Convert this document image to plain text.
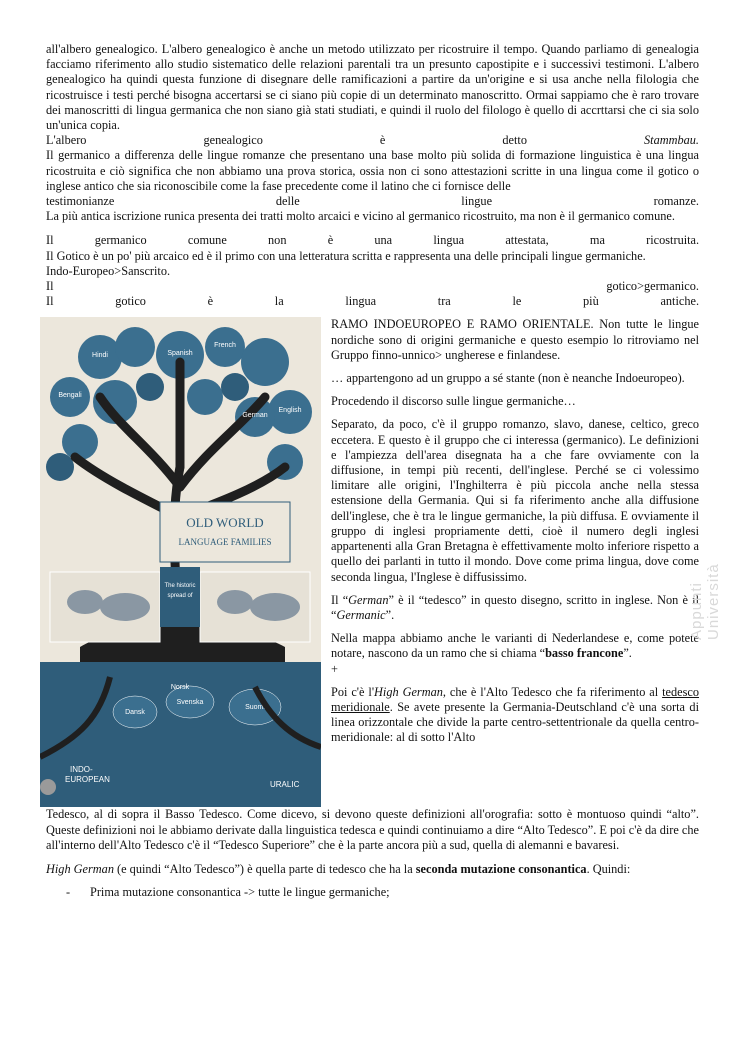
all'albero genealogico. L'albero genealogico è anche un metodo utilizzato per ricostruire il tempo. Quando parliamo di genealogia facciamo riferimento allo studio sistematico delle relazioni parentali tra un presunto capostipite e i successivi testimoni. L'albero genealogico ha quindi questa funzione di disegnare delle ramificazioni a partire da un'origine e si usa anche nella filologia che ricostruisce i testi perché bisogna accertarsi se ci siano più copie di un determinato manoscritto. Ormai sappiamo che è raro trovare dei manoscritti di lingua germanica che non siano già stati studiati, e quindi il ruolo del filologo è quello di accrttarsi che ci sia solo un'unica copia.

L'albero	genealogico	è	detto	Stammbau.

Il germanico a differenza delle lingue romanze che presentano una base molto più solida di formazione linguistica è una lingua ricostruita e ciò significa che non abbiamo una prova storica, ossia non ci sono attestazioni scritte in una lingua come il gotico o inglese antico che sia riconoscibile come la fase precedente come il latino che ci fornisce delle

testimonianze	delle	lingue	romanze.

La più antica iscrizione runica presenta dei tratti molto arcaici e vicino al germanico ricostruito, ma non è il germanico comune.

Il	germanico	comune	non	è	una	lingua	attestata,	ma	ricostruita.

Il Gotico è un po' più arcaico ed è il primo con una letteratura scritta e rappresenta una delle principali lingue germaniche.

Indo-Europeo>Sanscrito.

Il	gotico>germanico.

Il	gotico	è	la	lingua	tra	le	più	antiche.

OLD WORLD
LANGUAGE FAMILIES
Hindi	Spanish
Bengali
French
German
English
The historic
spread of
Dansk
Svenska
Norsk
Suomi
INDO-
EUROPEAN
URALIC

RAMO INDOEUROPEO E RAMO ORIENTALE. Non tutte le lingue nordiche sono di origini germaniche e questo esempio lo ritroviamo nel Gruppo finno-unnico> ungherese e finlandese.

… appartengono ad un gruppo a sé stante (non è neanche Indoeuropeo).

Procedendo il discorso sulle lingue germaniche…

Separato, da poco, c'è il gruppo romanzo, slavo, danese, celtico, greco eccetera. E questo è il gruppo che ci interessa (germanico). Le definizioni e l'ampiezza dell'area disegnata ha a che fare ovviamente con la diffusione, in tempi più recenti, dell'inglese. Perché se ci volessimo limitare alle origini, l'Inghilterra è più piccola anche nella stessa estensione della Germania. Qui si fa riferimento anche alla diffusione dell'inglese, che è tra le lingue germaniche, la più diffusa. E ovviamente il gruppo di inglesi propriamente detti, cioè il numero degli inglesi appartenenti alla Gran Bretagna è effettivamente molto inferiore rispetto a quello dei parlanti in tutto il mondo. Dove come prima lingua, dove come seconda lingua, l'Inglese è diffusissimo.

Il “German” è il “tedesco” in questo disegno, scritto in inglese. Non è il “Germanic”.

Nella mappa abbiamo anche le varianti di Nederlandese e, come potete notare, nascono da un ramo che si chiama “basso francone”.
+

Poi c'è l'High German, che è l'Alto Tedesco che fa riferimento al tedesco meridionale. Se avete presente la Germania-Deutschland c'è una sorta di linea orizzontale che divide la parte centro-settentrionale da quella centro-meridionale: al di sotto l'Alto

Tedesco, al di sopra il Basso Tedesco. Come dicevo, si devono queste definizioni all'orografia: sotto è montuoso quindi “alto”. Queste definizioni noi le abbiamo derivate dalla linguistica tedesca e quindi continuiamo a dire “Alto Tedesco”. E poi c'è da dire che all'interno dell'Alto Tedesco c'è il “Tedesco Superiore” che è la parte ancora più a sud, quella di alemanni e bavaresi.

High German (e quindi “Alto Tedesco”) è quella parte di tedesco che ha la seconda mutazione consonantica. Quindi:

-	Prima mutazione consonantica -> tutte le lingue germaniche;
Appunti Università
